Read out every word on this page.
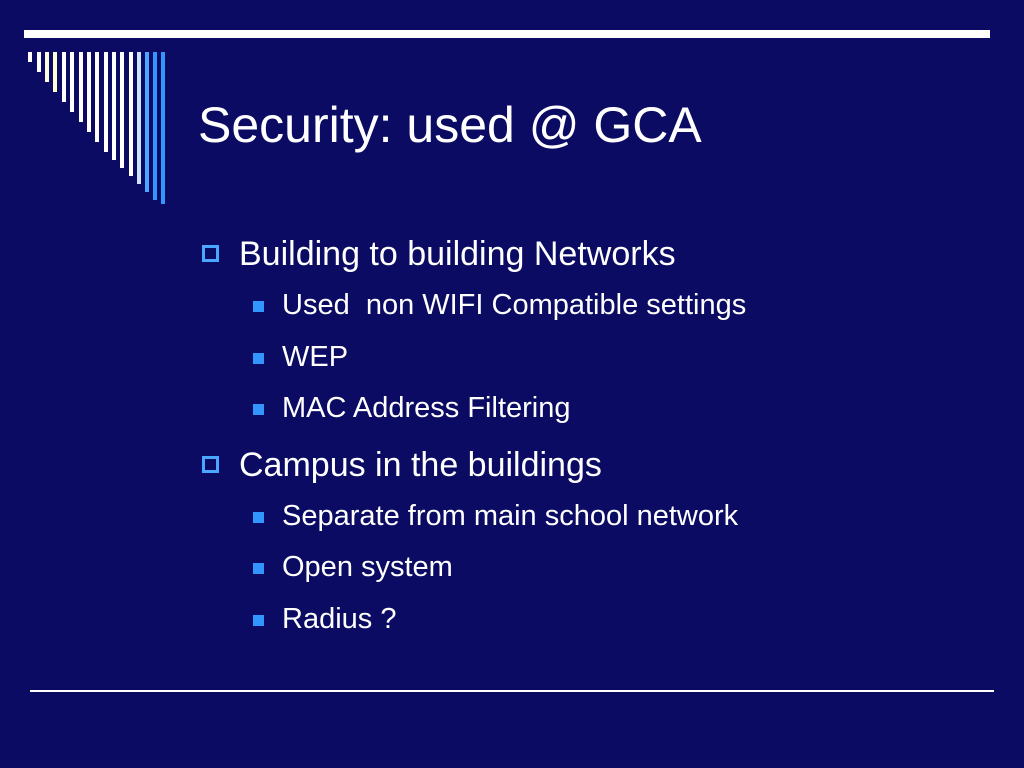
Security: used @ GCA
Building to building Networks
Used  non WIFI Compatible settings
WEP
MAC Address Filtering
Campus in the buildings
Separate from main school network
Open system
Radius ?
